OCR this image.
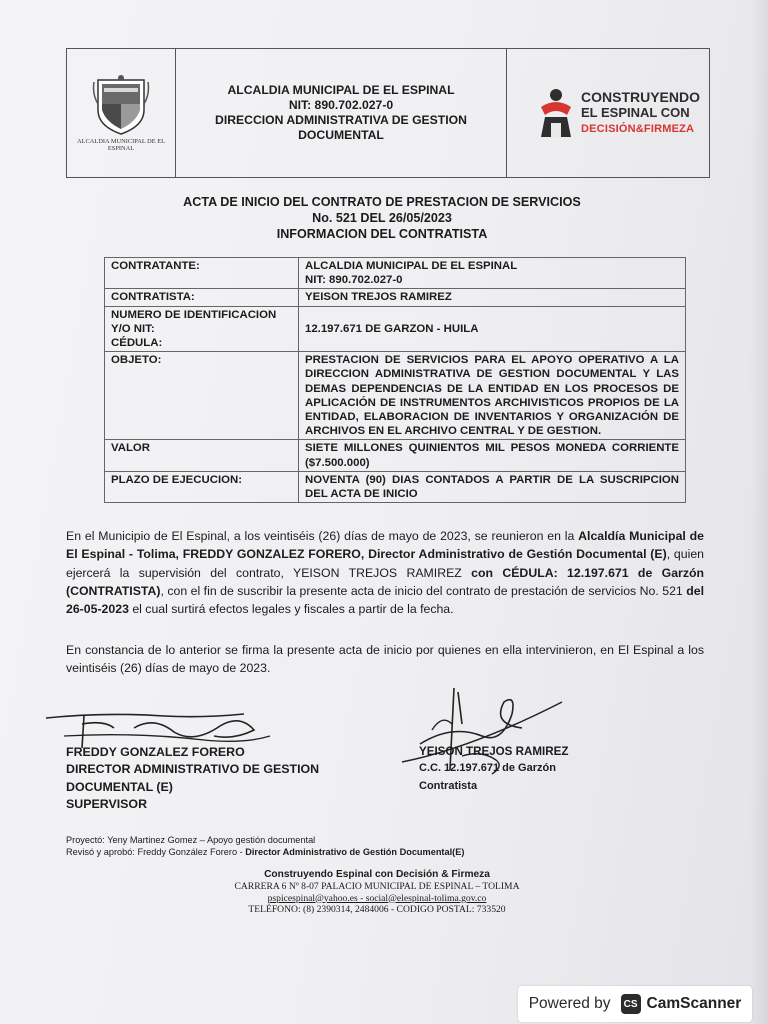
ALCALDIA MUNICIPAL DE EL ESPINAL
ALCALDIA MUNICIPAL DE EL ESPINAL
NIT: 890.702.027-0
DIRECCION ADMINISTRATIVA DE GESTION
DOCUMENTAL
CONSTRUYENDO
EL ESPINAL CON
DECISIÓN&FIRMEZA
ACTA DE INICIO DEL CONTRATO DE PRESTACION DE SERVICIOS
No. 521 DEL 26/05/2023
INFORMACION DEL CONTRATISTA
CONTRATANTE:	ALCALDIA MUNICIPAL DE EL ESPINAL
NIT: 890.702.027-0

CONTRATISTA:	YEISON TREJOS RAMIREZ

NUMERO DE IDENTIFICACION
Y/O NIT:
CÉDULA:	12.197.671 DE GARZON - HUILA
OBJETO:	PRESTACION DE SERVICIOS PARA EL APOYO OPERATIVO A LA DIRECCION ADMINISTRATIVA DE GESTION DOCUMENTAL Y LAS DEMAS DEPENDENCIAS DE LA ENTIDAD EN LOS PROCESOS DE APLICACIÓN DE INSTRUMENTOS ARCHIVISTICOS PROPIOS DE LA ENTIDAD, ELABORACION DE INVENTARIOS Y ORGANIZACIÓN DE ARCHIVOS EN EL ARCHIVO CENTRAL Y DE GESTION.
VALOR	SIETE MILLONES QUINIENTOS MIL PESOS MONEDA CORRIENTE ($7.500.000)
PLAZO DE EJECUCION:	NOVENTA (90) DIAS CONTADOS A PARTIR DE LA SUSCRIPCION DEL ACTA DE INICIO
En el Municipio de El Espinal, a los veintiséis (26) días de mayo de 2023, se reunieron en la Alcaldía Municipal de El Espinal - Tolima, FREDDY GONZALEZ FORERO, Director Administrativo de Gestión Documental (E), quien ejercerá la supervisión del contrato, YEISON TREJOS RAMIREZ con CÉDULA: 12.197.671 de Garzón (CONTRATISTA), con el fin de suscribir la presente acta de inicio del contrato de prestación de servicios No. 521 del 26-05-2023 el cual surtirá efectos legales y fiscales a partir de la fecha.
En constancia de lo anterior se firma la presente acta de inicio por quienes en ella intervinieron, en El Espinal a los veintiséis (26) días de mayo de 2023.
FREDDY GONZALEZ FORERO
DIRECTOR ADMINISTRATIVO DE GESTION
DOCUMENTAL (E)
SUPERVISOR
YEISON TREJOS RAMIREZ
C.C. 12.197.671 de Garzón
Contratista
Proyectó: Yeny Martinez Gomez – Apoyo gestión documental
Revisó y aprobó: Freddy González Forero - Director Administrativo de Gestión Documental(E)
Construyendo Espinal con Decisión & Firmeza
CARRERA 6 Nº 8-07 PALACIO MUNICIPAL DE ESPINAL – TOLIMA
pspicespinal@yahoo.es - social@elespinal-tolima.gov.co
TELÉFONO: (8) 2390314, 2484006 - CODIGO POSTAL: 733520
Powered by	CS CamScanner
